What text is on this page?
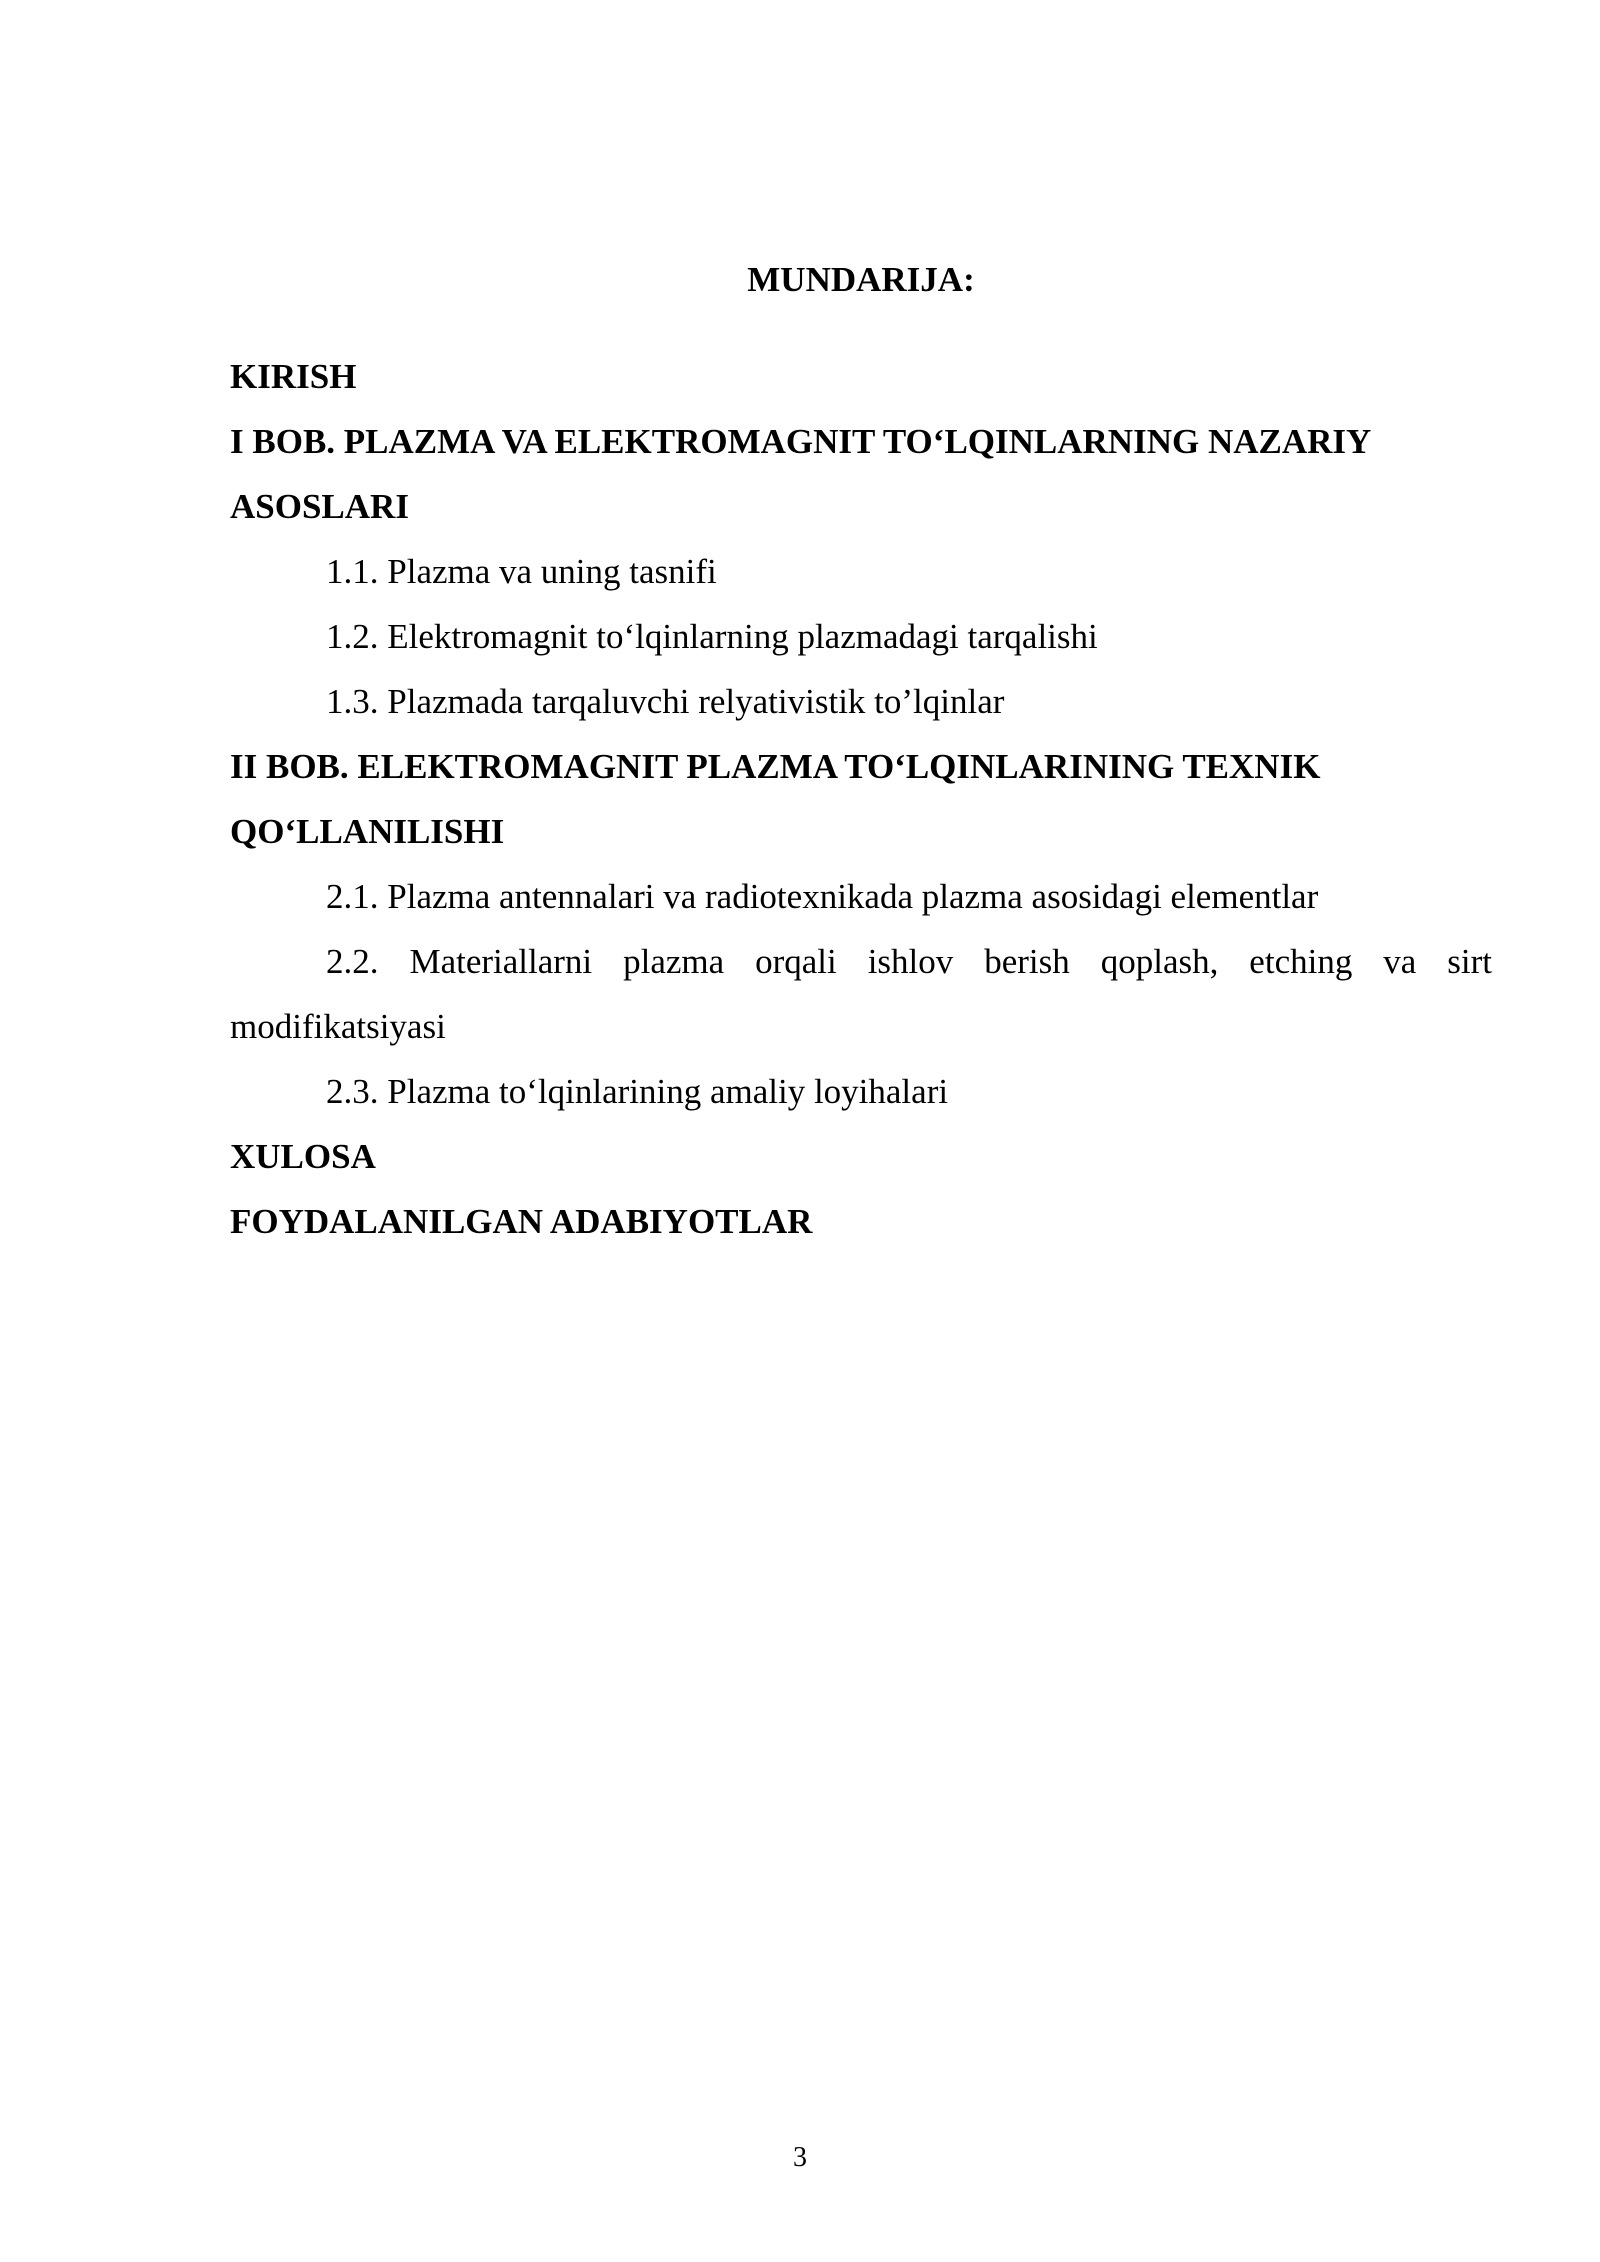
MUNDARIJA:
KIRISH
I BOB. PLAZMA VA ELEKTROMAGNIT TO‘LQINLARNING NAZARIY ASOSLARI
1.1. Plazma va uning tasnifi
1.2. Elektromagnit to‘lqinlarning plazmadagi tarqalishi
1.3. Plazmada tarqaluvchi relyativistik to’lqinlar
II BOB. ELEKTROMAGNIT PLAZMA TO‘LQINLARINING TEXNIK QO‘LLANILISHI
2.1. Plazma antennalari va radiotexnikada plazma asosidagi elementlar
2.2. Materiallarni plazma orqali ishlov berish qoplash, etching va sirt modifikatsiyasi
2.3. Plazma to‘lqinlarining amaliy loyihalari
XULOSA
FOYDALANILGAN ADABIYOTLAR
3
